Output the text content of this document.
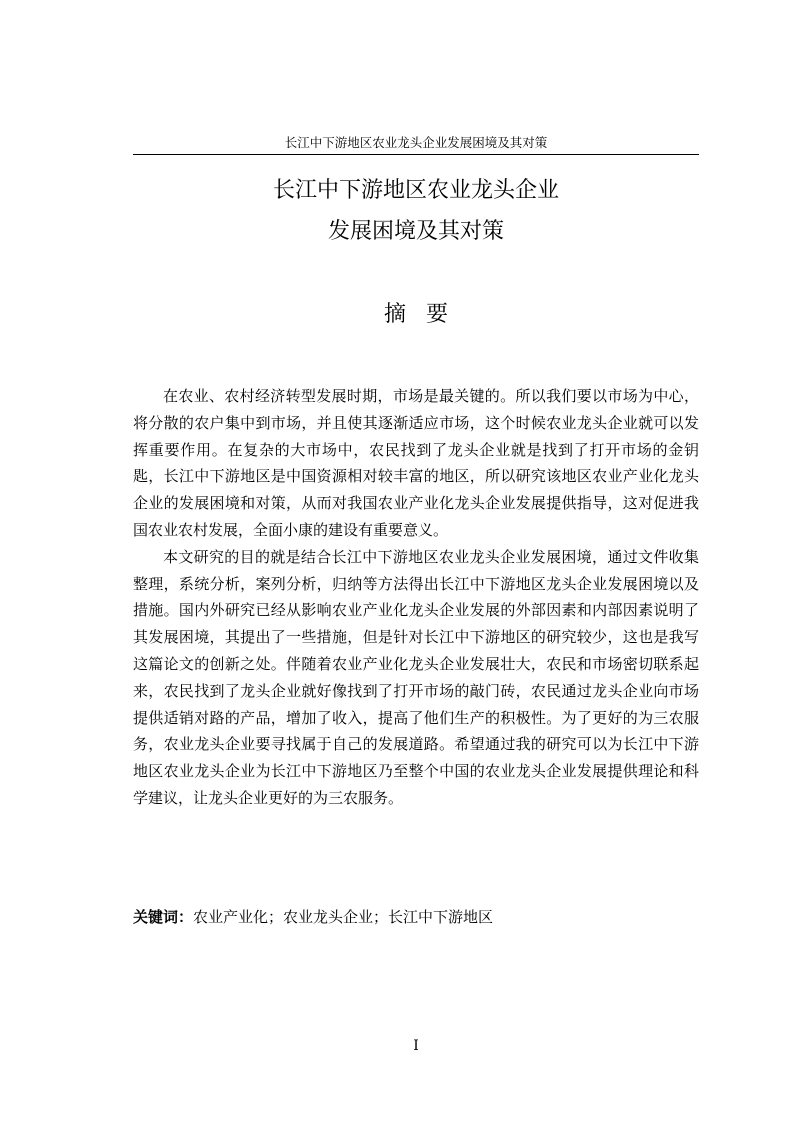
长江中下游地区农业龙头企业发展困境及其对策
长江中下游地区农业龙头企业
发展困境及其对策
摘要

在农业、农村经济转型发展时期，市场是最关键的。所以我们要以市场为中心，将分散的农户集中到市场，并且使其逐渐适应市场，这个时候农业龙头企业就可以发挥重要作用。在复杂的大市场中，农民找到了龙头企业就是找到了打开市场的金钥匙，长江中下游地区是中国资源相对较丰富的地区，所以研究该地区农业产业化龙头企业的发展困境和对策，从而对我国农业产业化龙头企业发展提供指导，这对促进我国农业农村发展，全面小康的建设有重要意义。

本文研究的目的就是结合长江中下游地区农业龙头企业发展困境，通过文件收集整理，系统分析，案列分析，归纳等方法得出长江中下游地区龙头企业发展困境以及措施。国内外研究已经从影响农业产业化龙头企业发展的外部因素和内部因素说明了其发展困境，其提出了一些措施，但是针对长江中下游地区的研究较少，这也是我写这篇论文的创新之处。伴随着农业产业化龙头企业发展壮大，农民和市场密切联系起来，农民找到了龙头企业就好像找到了打开市场的敲门砖，农民通过龙头企业向市场提供适销对路的产品，增加了收入，提高了他们生产的积极性。为了更好的为三农服务，农业龙头企业要寻找属于自己的发展道路。希望通过我的研究可以为长江中下游地区农业龙头企业为长江中下游地区乃至整个中国的农业龙头企业发展提供理论和科学建议，让龙头企业更好的为三农服务。

关键词：农业产业化；农业龙头企业；长江中下游地区
I
